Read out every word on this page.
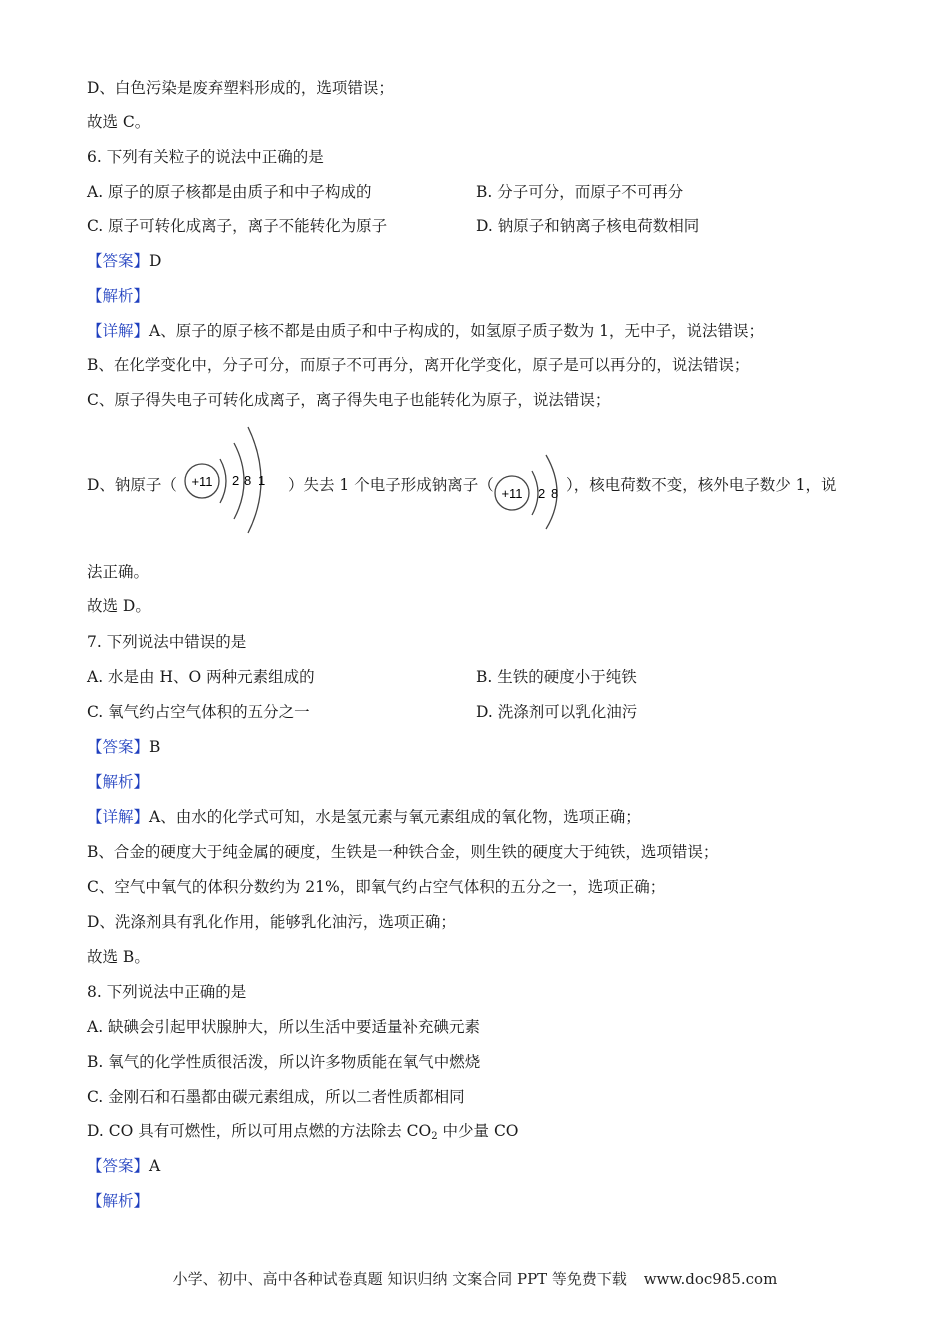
D、白色污染是废弃塑料形成的，选项错误；
故选 C。
6. 下列有关粒子的说法中正确的是
A. 原子的原子核都是由质子和中子构成的	B. 分子可分，而原子不可再分
C. 原子可转化成离子，离子不能转化为原子	D. 钠原子和钠离子核电荷数相同
【答案】D
【解析】
【详解】A、原子的原子核不都是由质子和中子构成的，如氢原子质子数为 1，无中子，说法错误；
B、在化学变化中，分子可分，而原子不可再分，离开化学变化，原子是可以再分的，说法错误；
C、原子得失电子可转化成离子，离子得失电子也能转化为原子，说法错误；
D、钠原子（ +11 2 8 1 ）失去 1 个电子形成钠离子（ +11 2 8 ），核电荷数不变，核外电子数少 1，说
法正确。
故选 D。
7. 下列说法中错误的是
A. 水是由 H、O 两种元素组成的	B. 生铁的硬度小于纯铁
C. 氧气约占空气体积的五分之一	D. 洗涤剂可以乳化油污
【答案】B
【解析】
【详解】A、由水的化学式可知，水是氢元素与氧元素组成的氧化物，选项正确；
B、合金的硬度大于纯金属的硬度，生铁是一种铁合金，则生铁的硬度大于纯铁，选项错误；
C、空气中氧气的体积分数约为 21%，即氧气约占空气体积的五分之一，选项正确；
D、洗涤剂具有乳化作用，能够乳化油污，选项正确；
故选 B。
8. 下列说法中正确的是
A. 缺碘会引起甲状腺肿大，所以生活中要适量补充碘元素
B. 氧气的化学性质很活泼，所以许多物质能在氧气中燃烧
C. 金刚石和石墨都由碳元素组成，所以二者性质都相同
D. CO 具有可燃性，所以可用点燃的方法除去 $CO_2$ 中少量 CO
【答案】A
【解析】
小学、初中、高中各种试卷真题 知识归纳 文案合同 PPT 等免费下载 www.doc985.com
